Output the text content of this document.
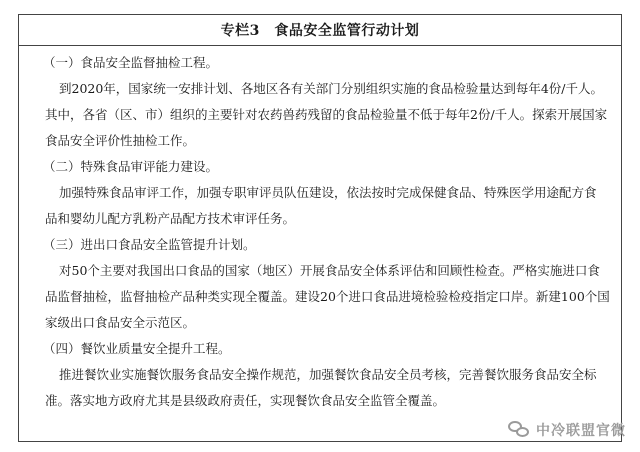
专栏3　食品安全监管行动计划
（一）食品安全监督抽检工程。
到2020年，国家统一安排计划、各地区各有关部门分别组织实施的食品检验量达到每年4份/千人。
其中，各省（区、市）组织的主要针对农药兽药残留的食品检验量不低于每年2份/千人。探索开展国家
食品安全评价性抽检工作。
（二）特殊食品审评能力建设。
加强特殊食品审评工作，加强专职审评员队伍建设，依法按时完成保健食品、特殊医学用途配方食
品和婴幼儿配方乳粉产品配方技术审评任务。
（三）进出口食品安全监管提升计划。
对50个主要对我国出口食品的国家（地区）开展食品安全体系评估和回顾性检查。严格实施进口食
品监督抽检，监督抽检产品种类实现全覆盖。建设20个进口食品进境检验检疫指定口岸。新建100个国
家级出口食品安全示范区。
（四）餐饮业质量安全提升工程。
推进餐饮业实施餐饮服务食品安全操作规范，加强餐饮食品安全员考核，完善餐饮服务食品安全标
准。落实地方政府尤其是县级政府责任，实现餐饮食品安全监管全覆盖。
中冷联盟官微
